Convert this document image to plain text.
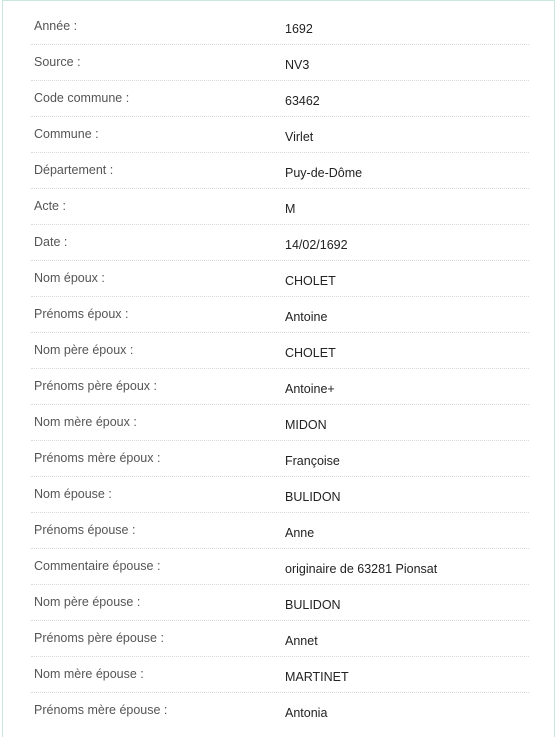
Année :	1692
Source :	NV3
Code commune :	63462
Commune :	Virlet
Département :	Puy-de-Dôme
Acte :	M
Date :	14/02/1692
Nom époux :	CHOLET
Prénoms époux :	Antoine
Nom père époux :	CHOLET
Prénoms père époux :	Antoine+
Nom mère époux :	MIDON
Prénoms mère époux :	Françoise
Nom épouse :	BULIDON
Prénoms épouse :	Anne
Commentaire épouse :	originaire de 63281 Pionsat
Nom père épouse :	BULIDON
Prénoms père épouse :	Annet
Nom mère épouse :	MARTINET
Prénoms mère épouse :	Antonia
